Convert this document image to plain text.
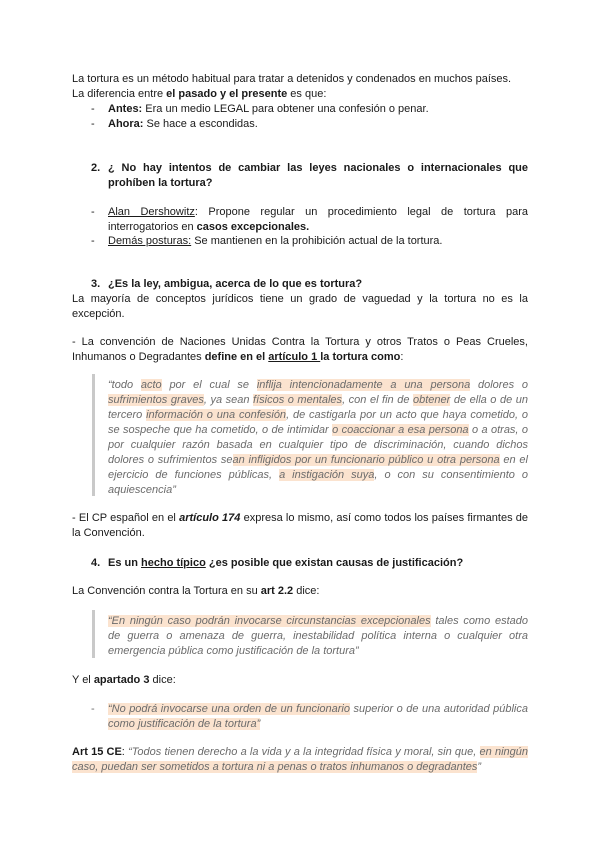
La tortura es un método habitual para tratar a detenidos y condenados en muchos países.
La diferencia entre el pasado y el presente es que:
- Antes: Era un medio LEGAL para obtener una confesión o penar.
- Ahora: Se hace a escondidas.
2. ¿ No hay intentos de cambiar las leyes nacionales o internacionales que prohíben la tortura?
- Alan Dershowitz: Propone regular un procedimiento legal de tortura para interrogatorios en casos excepcionales.
- Demás posturas: Se mantienen en la prohibición actual de la tortura.
3. ¿Es la ley, ambigua, acerca de lo que es tortura?
La mayoría de conceptos jurídicos tiene un grado de vaguedad y la tortura no es la excepción.
- La convención de Naciones Unidas Contra la Tortura y otros Tratos o Peas Crueles, Inhumanos o Degradantes define en el artículo 1 la tortura como:
“todo acto por el cual se inflija intencionadamente a una persona dolores o sufrimientos graves, ya sean físicos o mentales, con el fin de obtener de ella o de un tercero información o una confesión, de castigarla por un acto que haya cometido, o se sospeche que ha cometido, o de intimidar o coaccionar a esa persona o a otras, o por cualquier razón basada en cualquier tipo de discriminación, cuando dichos dolores o sufrimientos sean infligidos por un funcionario público u otra persona en el ejercicio de funciones públicas, a instigación suya, o con su consentimiento o aquiescencia”
- El CP español en el artículo 174 expresa lo mismo, así como todos los países firmantes de la Convención.
4. Es un hecho típico ¿es posible que existan causas de justificación?
La Convención contra la Tortura en su art 2.2 dice:
“En ningún caso podrán invocarse circunstancias excepcionales tales como estado de guerra o amenaza de guerra, inestabilidad política interna o cualquier otra emergencia pública como justificación de la tortura”
Y el apartado 3 dice:
- “No podrá invocarse una orden de un funcionario superior o de una autoridad pública como justificación de la tortura”
Art 15 CE: “Todos tienen derecho a la vida y a la integridad física y moral, sin que, en ningún caso, puedan ser sometidos a tortura ni a penas o tratos inhumanos o degradantes”
